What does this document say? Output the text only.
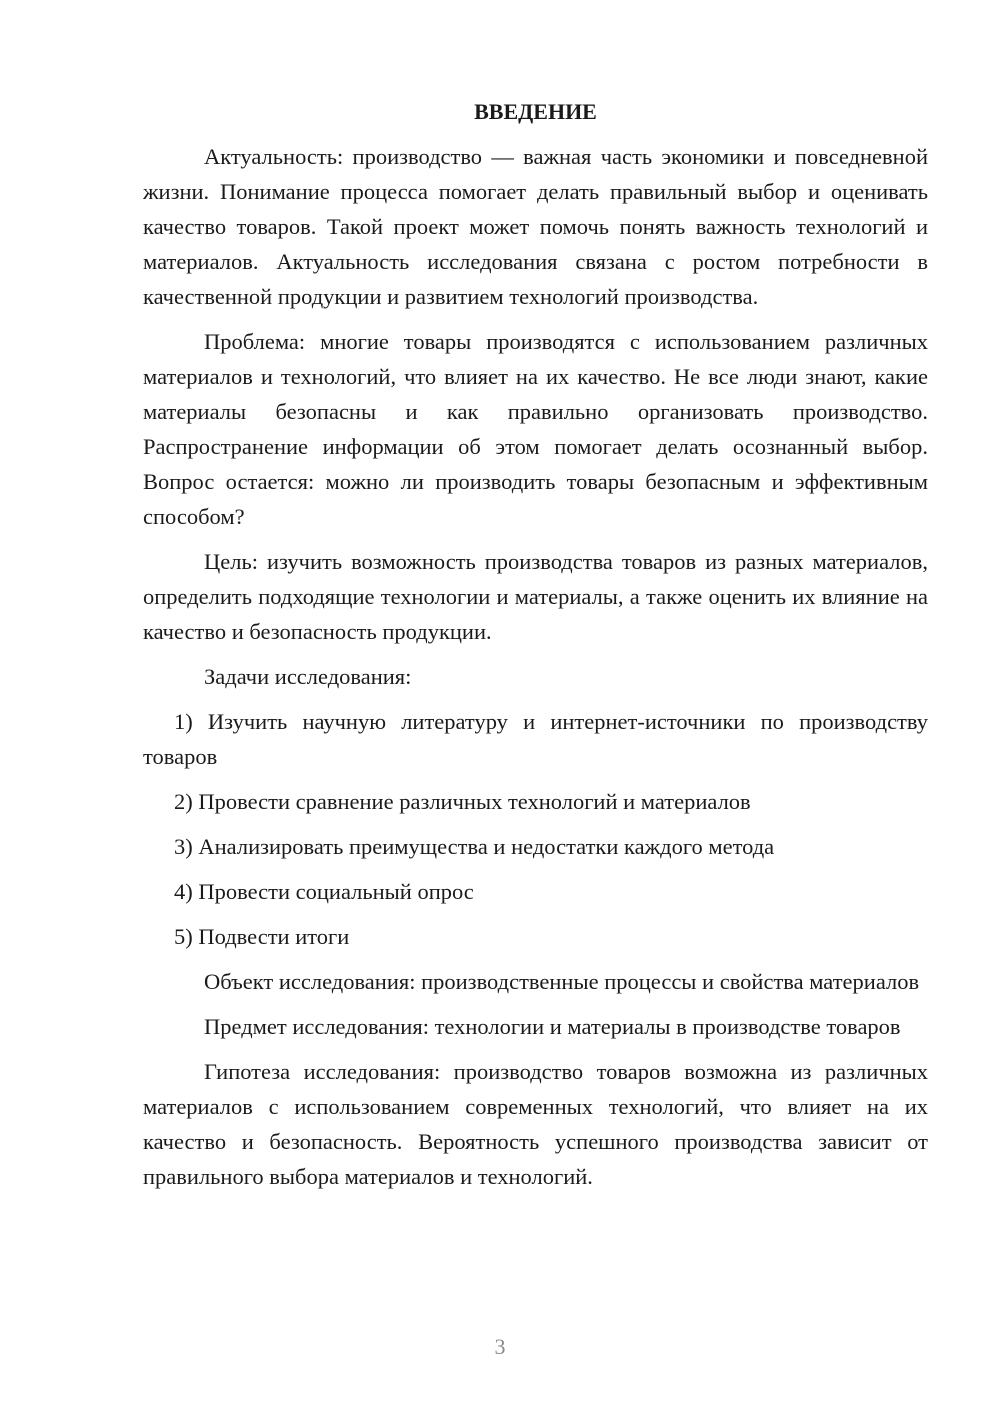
ВВЕДЕНИЕ

Актуальность: производство — важная часть экономики и повседневной жизни. Понимание процесса помогает делать правильный выбор и оценивать качество товаров. Такой проект может помочь понять важность технологий и материалов. Актуальность исследования связана с ростом потребности в качественной продукции и развитием технологий производства.

Проблема: многие товары производятся с использованием различных материалов и технологий, что влияет на их качество. Не все люди знают, какие материалы безопасны и как правильно организовать производство. Распространение информации об этом помогает делать осознанный выбор. Вопрос остается: можно ли производить товары безопасным и эффективным способом?

Цель: изучить возможность производства товаров из разных материалов, определить подходящие технологии и материалы, а также оценить их влияние на качество и безопасность продукции.

Задачи исследования:

1) Изучить научную литературу и интернет-источники по производству товаров

2) Провести сравнение различных технологий и материалов

3) Анализировать преимущества и недостатки каждого метода

4) Провести социальный опрос

5) Подвести итоги

Объект исследования: производственные процессы и свойства материалов

Предмет исследования: технологии и материалы в производстве товаров

Гипотеза исследования: производство товаров возможна из различных материалов с использованием современных технологий, что влияет на их качество и безопасность. Вероятность успешного производства зависит от правильного выбора материалов и технологий.

3
